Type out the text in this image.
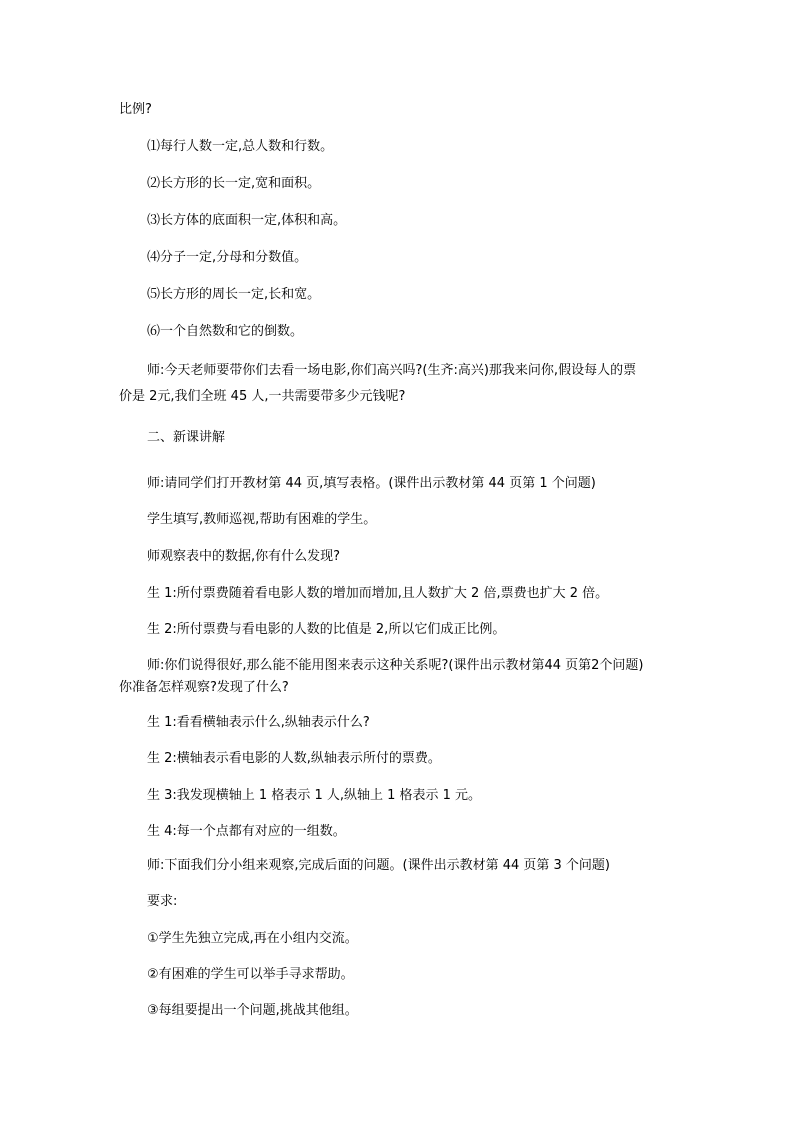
比例?

⑴每行人数一定,总人数和行数。

⑵长方形的长一定,宽和面积。

⑶长方体的底面积一定,体积和高。

⑷分子一定,分母和分数值。

⑸长方形的周长一定,长和宽。

⑹一个自然数和它的倒数。

师:今天老师要带你们去看一场电影,你们高兴吗?(生齐:高兴)那我来问你,假设每人的票
价是 2元,我们全班 45 人,一共需要带多少元钱呢?

二、新课讲解

师:请同学们打开教材第 44 页,填写表格。(课件出示教材第 44 页第 1 个问题)

学生填写,教师巡视,帮助有困难的学生。

师观察表中的数据,你有什么发现?

生 1:所付票费随着看电影人数的增加而增加,且人数扩大 2 倍,票费也扩大 2 倍。

生 2:所付票费与看电影的人数的比值是 2,所以它们成正比例。

师:你们说得很好,那么能不能用图来表示这种关系呢?(课件出示教材第44 页第2个问题)
你准备怎样观察?发现了什么?

生 1:看看横轴表示什么,纵轴表示什么?

生 2:横轴表示看电影的人数,纵轴表示所付的票费。

生 3:我发现横轴上 1 格表示 1 人,纵轴上 1 格表示 1 元。

生 4:每一个点都有对应的一组数。

师:下面我们分小组来观察,完成后面的问题。(课件出示教材第 44 页第 3 个问题)

要求:

①学生先独立完成,再在小组内交流。

②有困难的学生可以举手寻求帮助。

③每组要提出一个问题,挑战其他组。
